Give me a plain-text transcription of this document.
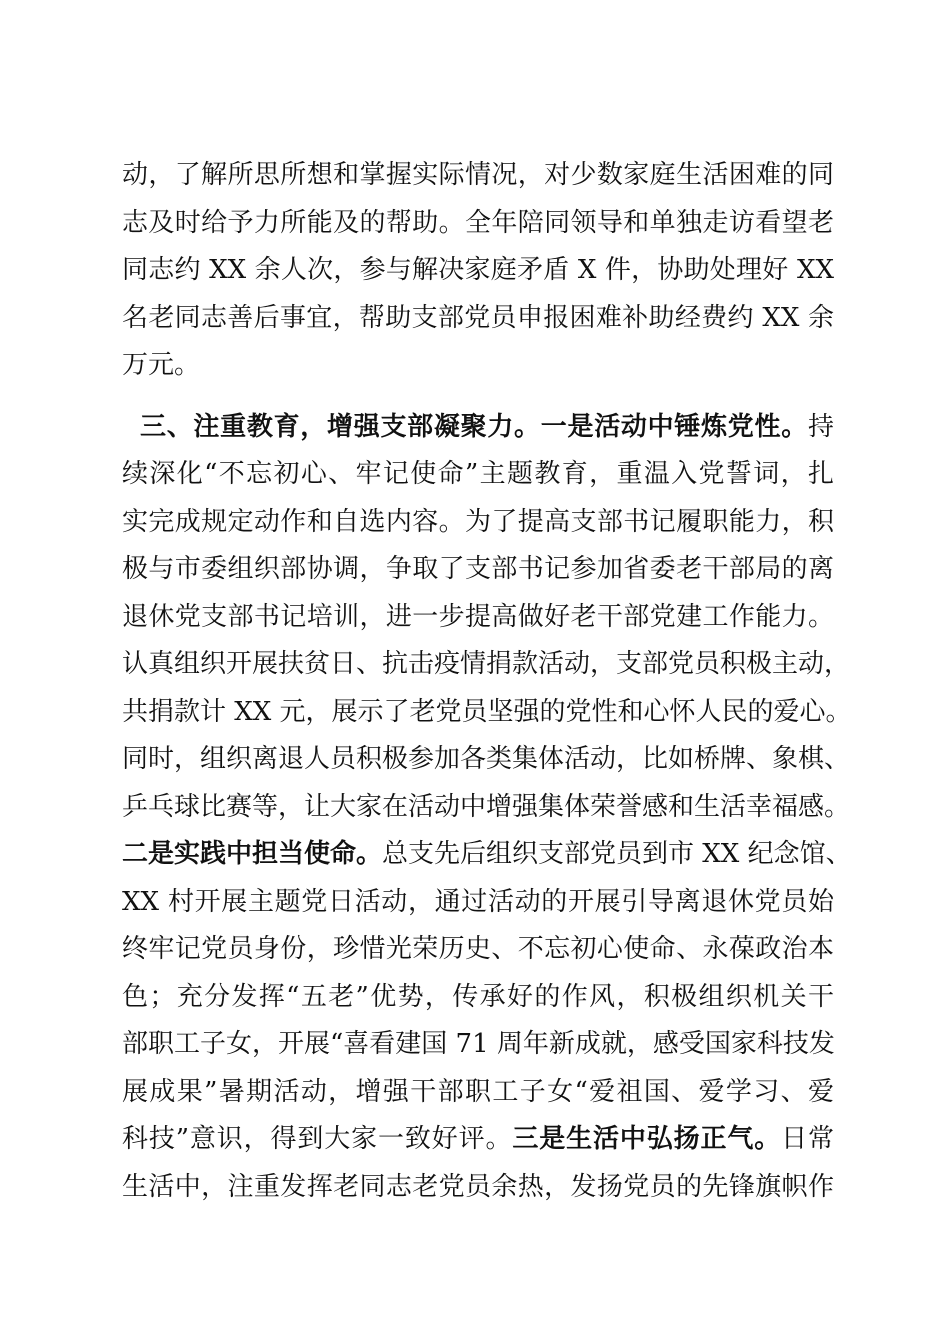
动，了解所思所想和掌握实际情况，对少数家庭生活困难的同
志及时给予力所能及的帮助。全年陪同领导和单独走访看望老
同志约 XX 余人次，参与解决家庭矛盾 X 件，协助处理好 XX
名老同志善后事宜，帮助支部党员申报困难补助经费约 XX 余
万元。
三、注重教育，增强支部凝聚力。一是活动中锤炼党性。持
续深化“不忘初心、牢记使命”主题教育，重温入党誓词，扎
实完成规定动作和自选内容。为了提高支部书记履职能力，积
极与市委组织部协调，争取了支部书记参加省委老干部局的离
退休党支部书记培训，进一步提高做好老干部党建工作能力。
认真组织开展扶贫日、抗击疫情捐款活动，支部党员积极主动，
共捐款计 XX 元，展示了老党员坚强的党性和心怀人民的爱心。
同时，组织离退人员积极参加各类集体活动，比如桥牌、象棋、
乒乓球比赛等，让大家在活动中增强集体荣誉感和生活幸福感。
二是实践中担当使命。总支先后组织支部党员到市 XX 纪念馆、
XX 村开展主题党日活动，通过活动的开展引导离退休党员始
终牢记党员身份，珍惜光荣历史、不忘初心使命、永葆政治本
色；充分发挥“五老”优势，传承好的作风，积极组织机关干
部职工子女，开展“喜看建国 71 周年新成就，感受国家科技发
展成果”暑期活动，增强干部职工子女“爱祖国、爱学习、爱
科技”意识，得到大家一致好评。三是生活中弘扬正气。日常
生活中，注重发挥老同志老党员余热，发扬党员的先锋旗帜作
